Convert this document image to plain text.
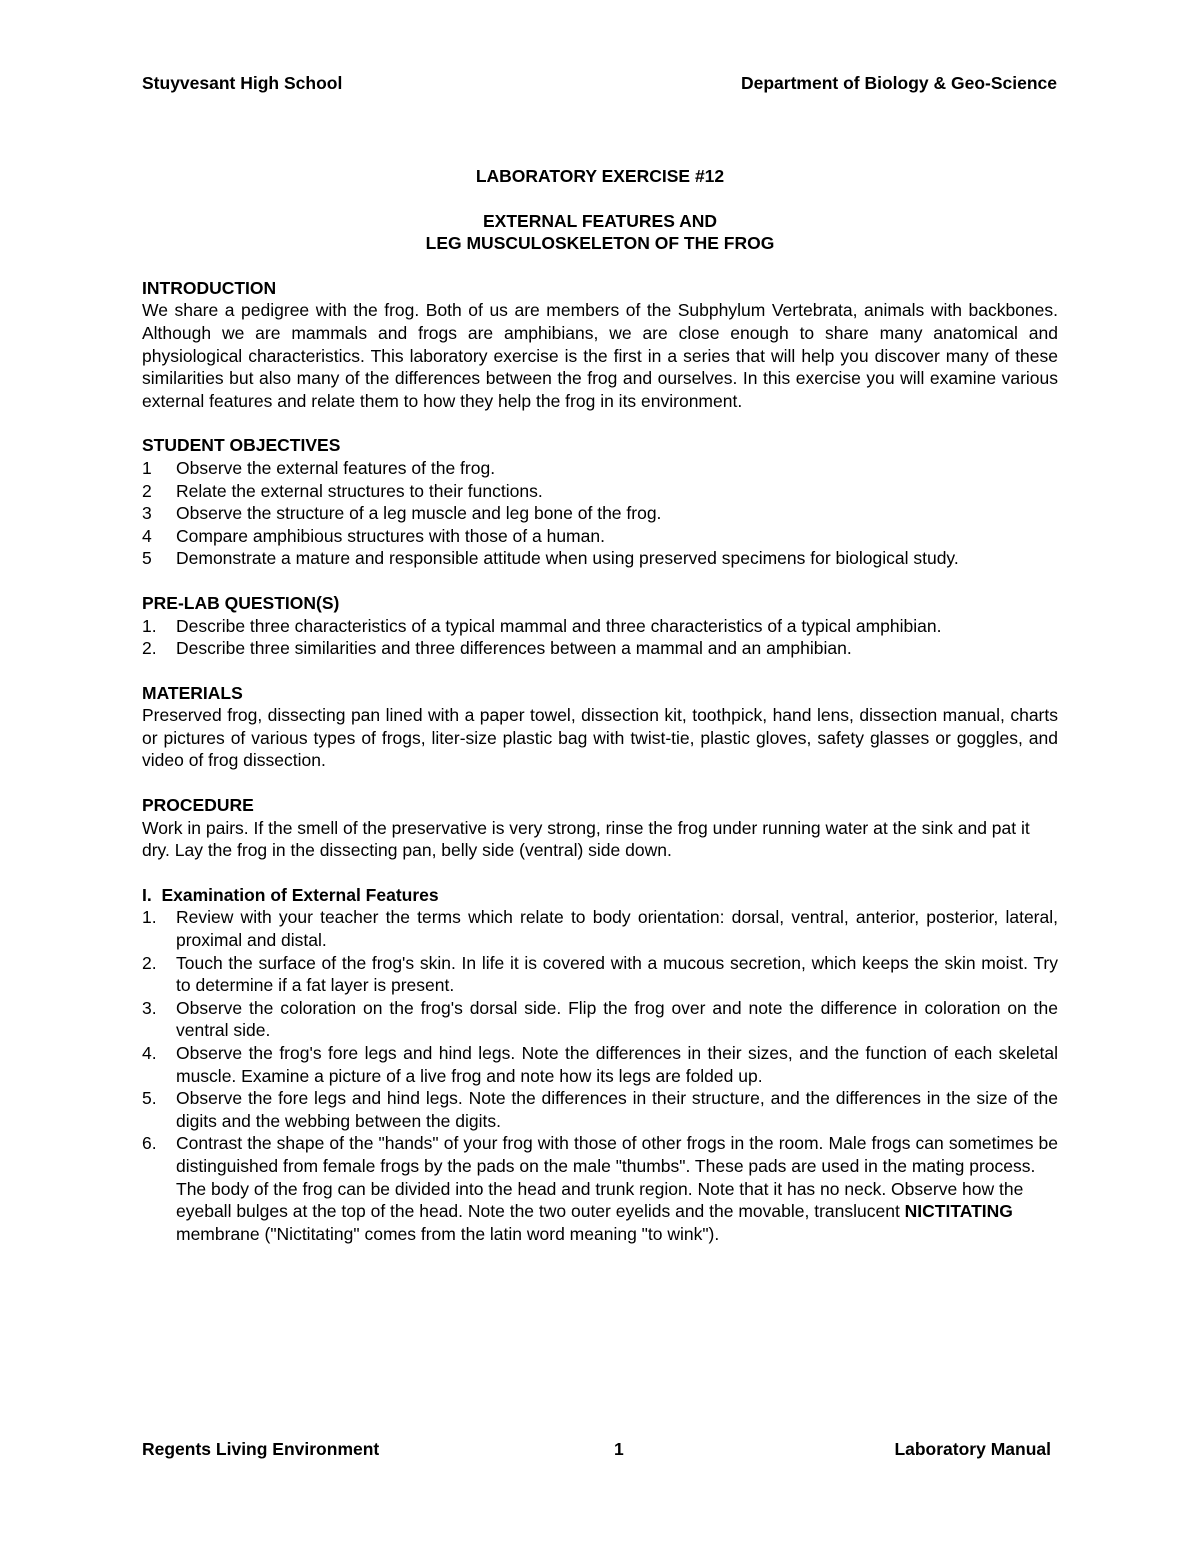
Stuyvesant High School	Department of Biology & Geo-Science
LABORATORY EXERCISE #12
EXTERNAL FEATURES AND
LEG MUSCULOSKELETON OF THE FROG
INTRODUCTION
We share a pedigree with the frog. Both of us are members of the Subphylum Vertebrata, animals with backbones. Although we are mammals and frogs are amphibians, we are close enough to share many anatomical and physiological characteristics. This laboratory exercise is the first in a series that will help you discover many of these similarities but also many of the differences between the frog and ourselves. In this exercise you will examine various external features and relate them to how they help the frog in its environment.
STUDENT OBJECTIVES
1	Observe the external features of the frog.
2	Relate the external structures to their functions.
3	Observe the structure of a leg muscle and leg bone of the frog.
4	Compare amphibious structures with those of a human.
5	Demonstrate a mature and responsible attitude when using preserved specimens for biological study.
PRE-LAB QUESTION(S)
1.	Describe three characteristics of a typical mammal and three characteristics of a typical amphibian.
2.	Describe three similarities and three differences between a mammal and an amphibian.
MATERIALS
Preserved frog, dissecting pan lined with a paper towel, dissection kit, toothpick, hand lens, dissection manual, charts or pictures of various types of frogs, liter-size plastic bag with twist-tie, plastic gloves, safety glasses or goggles, and video of frog dissection.
PROCEDURE
Work in pairs. If the smell of the preservative is very strong, rinse the frog under running water at the sink and pat it dry. Lay the frog in the dissecting pan, belly side (ventral) side down.
I.  Examination of External Features
1.	Review with your teacher the terms which relate to body orientation: dorsal, ventral, anterior, posterior, lateral, proximal and distal.
2.	Touch the surface of the frog's skin. In life it is covered with a mucous secretion, which keeps the skin moist. Try to determine if a fat layer is present.
3.	Observe the coloration on the frog's dorsal side. Flip the frog over and note the difference in coloration on the ventral side.
4.	Observe the frog's fore legs and hind legs. Note the differences in their sizes, and the function of each skeletal muscle. Examine a picture of a live frog and note how its legs are folded up.
5.	Observe the fore legs and hind legs. Note the differences in their structure, and the differences in the size of the digits and the webbing between the digits.
6.	Contrast the shape of the "hands" of your frog with those of other frogs in the room. Male frogs can sometimes be distinguished from female frogs by the pads on the male "thumbs". These pads are used in the mating process.
The body of the frog can be divided into the head and trunk region. Note that it has no neck. Observe how the eyeball bulges at the top of the head. Note the two outer eyelids and the movable, translucent NICTITATING  membrane ("Nictitating" comes from the latin word meaning "to wink").
Regents Living Environment	1	Laboratory Manual
